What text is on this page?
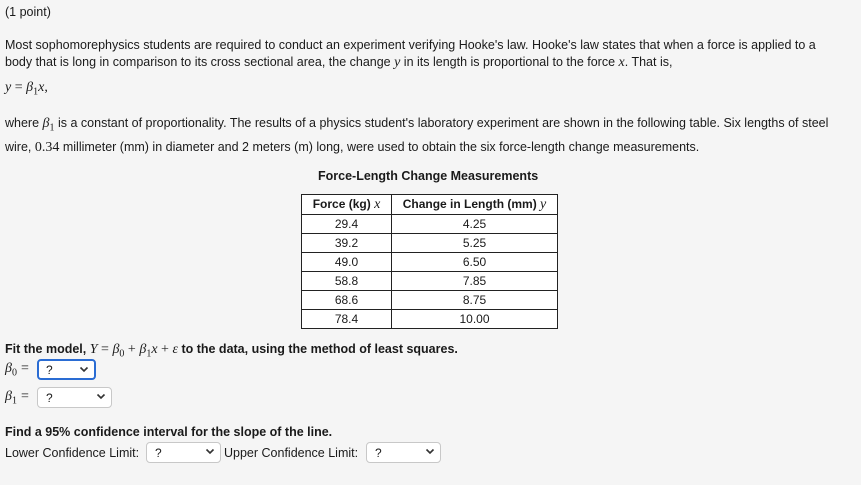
(1 point)
Most sophomorephysics students are required to conduct an experiment verifying Hooke's law. Hooke's law states that when a force is applied to a body that is long in comparison to its cross sectional area, the change y in its length is proportional to the force x. That is,
$y = \beta_1x$,
where $\beta_1$ is a constant of proportionality. The results of a physics student's laboratory experiment are shown in the following table. Six lengths of steel wire, 0.34 millimeter (mm) in diameter and 2 meters (m) long, were used to obtain the six force-length change measurements.
Force-Length Change Measurements
Force (kg) x	Change in Length (mm) y
29.4	4.25
39.2	5.25
49.0	6.50
58.8	7.85
68.6	8.75
78.4	10.00
Fit the model, $Y = \beta_0 + \beta_1x + \varepsilon$ to the data, using the method of least squares.
$\beta_0$ = ?
$\beta_1$ = ?
Find a 95% confidence interval for the slope of the line.
Lower Confidence Limit: ?	Upper Confidence Limit: ?
